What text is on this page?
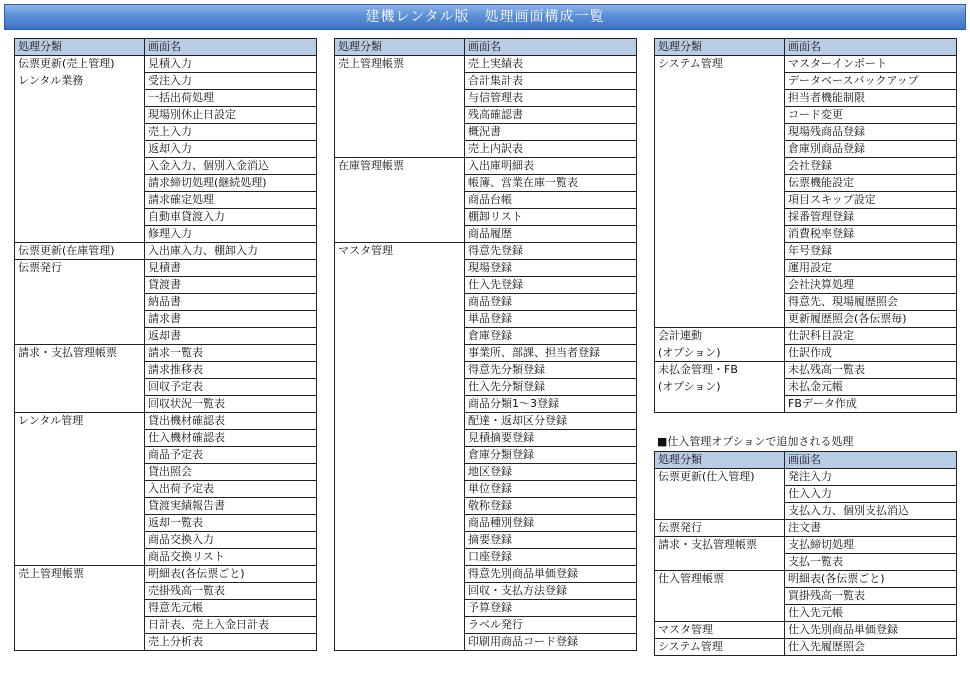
建機レンタル版　処理画面構成一覧
処理分類	画面名
伝票更新(売上管理)	見積入力
レンタル業務	受注入力
	一括出荷処理
	現場別休止日設定
	売上入力
	返却入力
	入金入力、個別入金消込
	請求締切処理(継続処理)
	請求確定処理
	自動車貸渡入力
	修理入力
伝票更新(在庫管理)	入出庫入力、棚卸入力
伝票発行	見積書
	貸渡書
	納品書
	請求書
	返却書
請求・支払管理帳票	請求一覧表
	請求推移表
	回収予定表
	回収状況一覧表
レンタル管理	貸出機材確認表
	仕入機材確認表
	商品予定表
	貸出照会
	入出荷予定表
	貸渡実績報告書
	返却一覧表
	商品交換入力
	商品交換リスト
売上管理帳票	明細表(各伝票ごと)
	売掛残高一覧表
	得意先元帳
	日計表、売上入金日計表
	売上分析表
処理分類	画面名
売上管理帳票	売上実績表
	合計集計表
	与信管理表
	残高確認書
	概況書
	売上内訳表
在庫管理帳票	入出庫明細表
	帳簿、営業在庫一覧表
	商品台帳
	棚卸リスト
	商品履歴
マスタ管理	得意先登録
	現場登録
	仕入先登録
	商品登録
	単品登録
	倉庫登録
	事業所、部課、担当者登録
	得意先分類登録
	仕入先分類登録
	商品分類1～3登録
	配達・返却区分登録
	見積摘要登録
	倉庫分類登録
	地区登録
	単位登録
	敬称登録
	商品種別登録
	摘要登録
	口座登録
	得意先別商品単価登録
	回収・支払方法登録
	予算登録
	ラベル発行
	印刷用商品コード登録
処理分類	画面名
システム管理	マスターインポート
	データベースバックアップ
	担当者機能制限
	コード変更
	現場残商品登録
	倉庫別商品登録
	会社登録
	伝票機能設定
	項目スキップ設定
	採番管理登録
	消費税率登録
	年号登録
	運用設定
	会社決算処理
	得意先、現場履歴照会
	更新履歴照会(各伝票毎)
会計連動	仕訳科目設定
(オプション)	仕訳作成
未払金管理・FB	未払残高一覧表
(オプション)	未払金元帳
	FBデータ作成
■仕入管理オプションで追加される処理
処理分類	画面名
伝票更新(仕入管理)	発注入力
	仕入入力
	支払入力、個別支払消込
伝票発行	注文書
請求・支払管理帳票	支払締切処理
	支払一覧表
仕入管理帳票	明細表(各伝票ごと)
	買掛残高一覧表
	仕入先元帳
マスタ管理	仕入先別商品単価登録
システム管理	仕入先履歴照会
